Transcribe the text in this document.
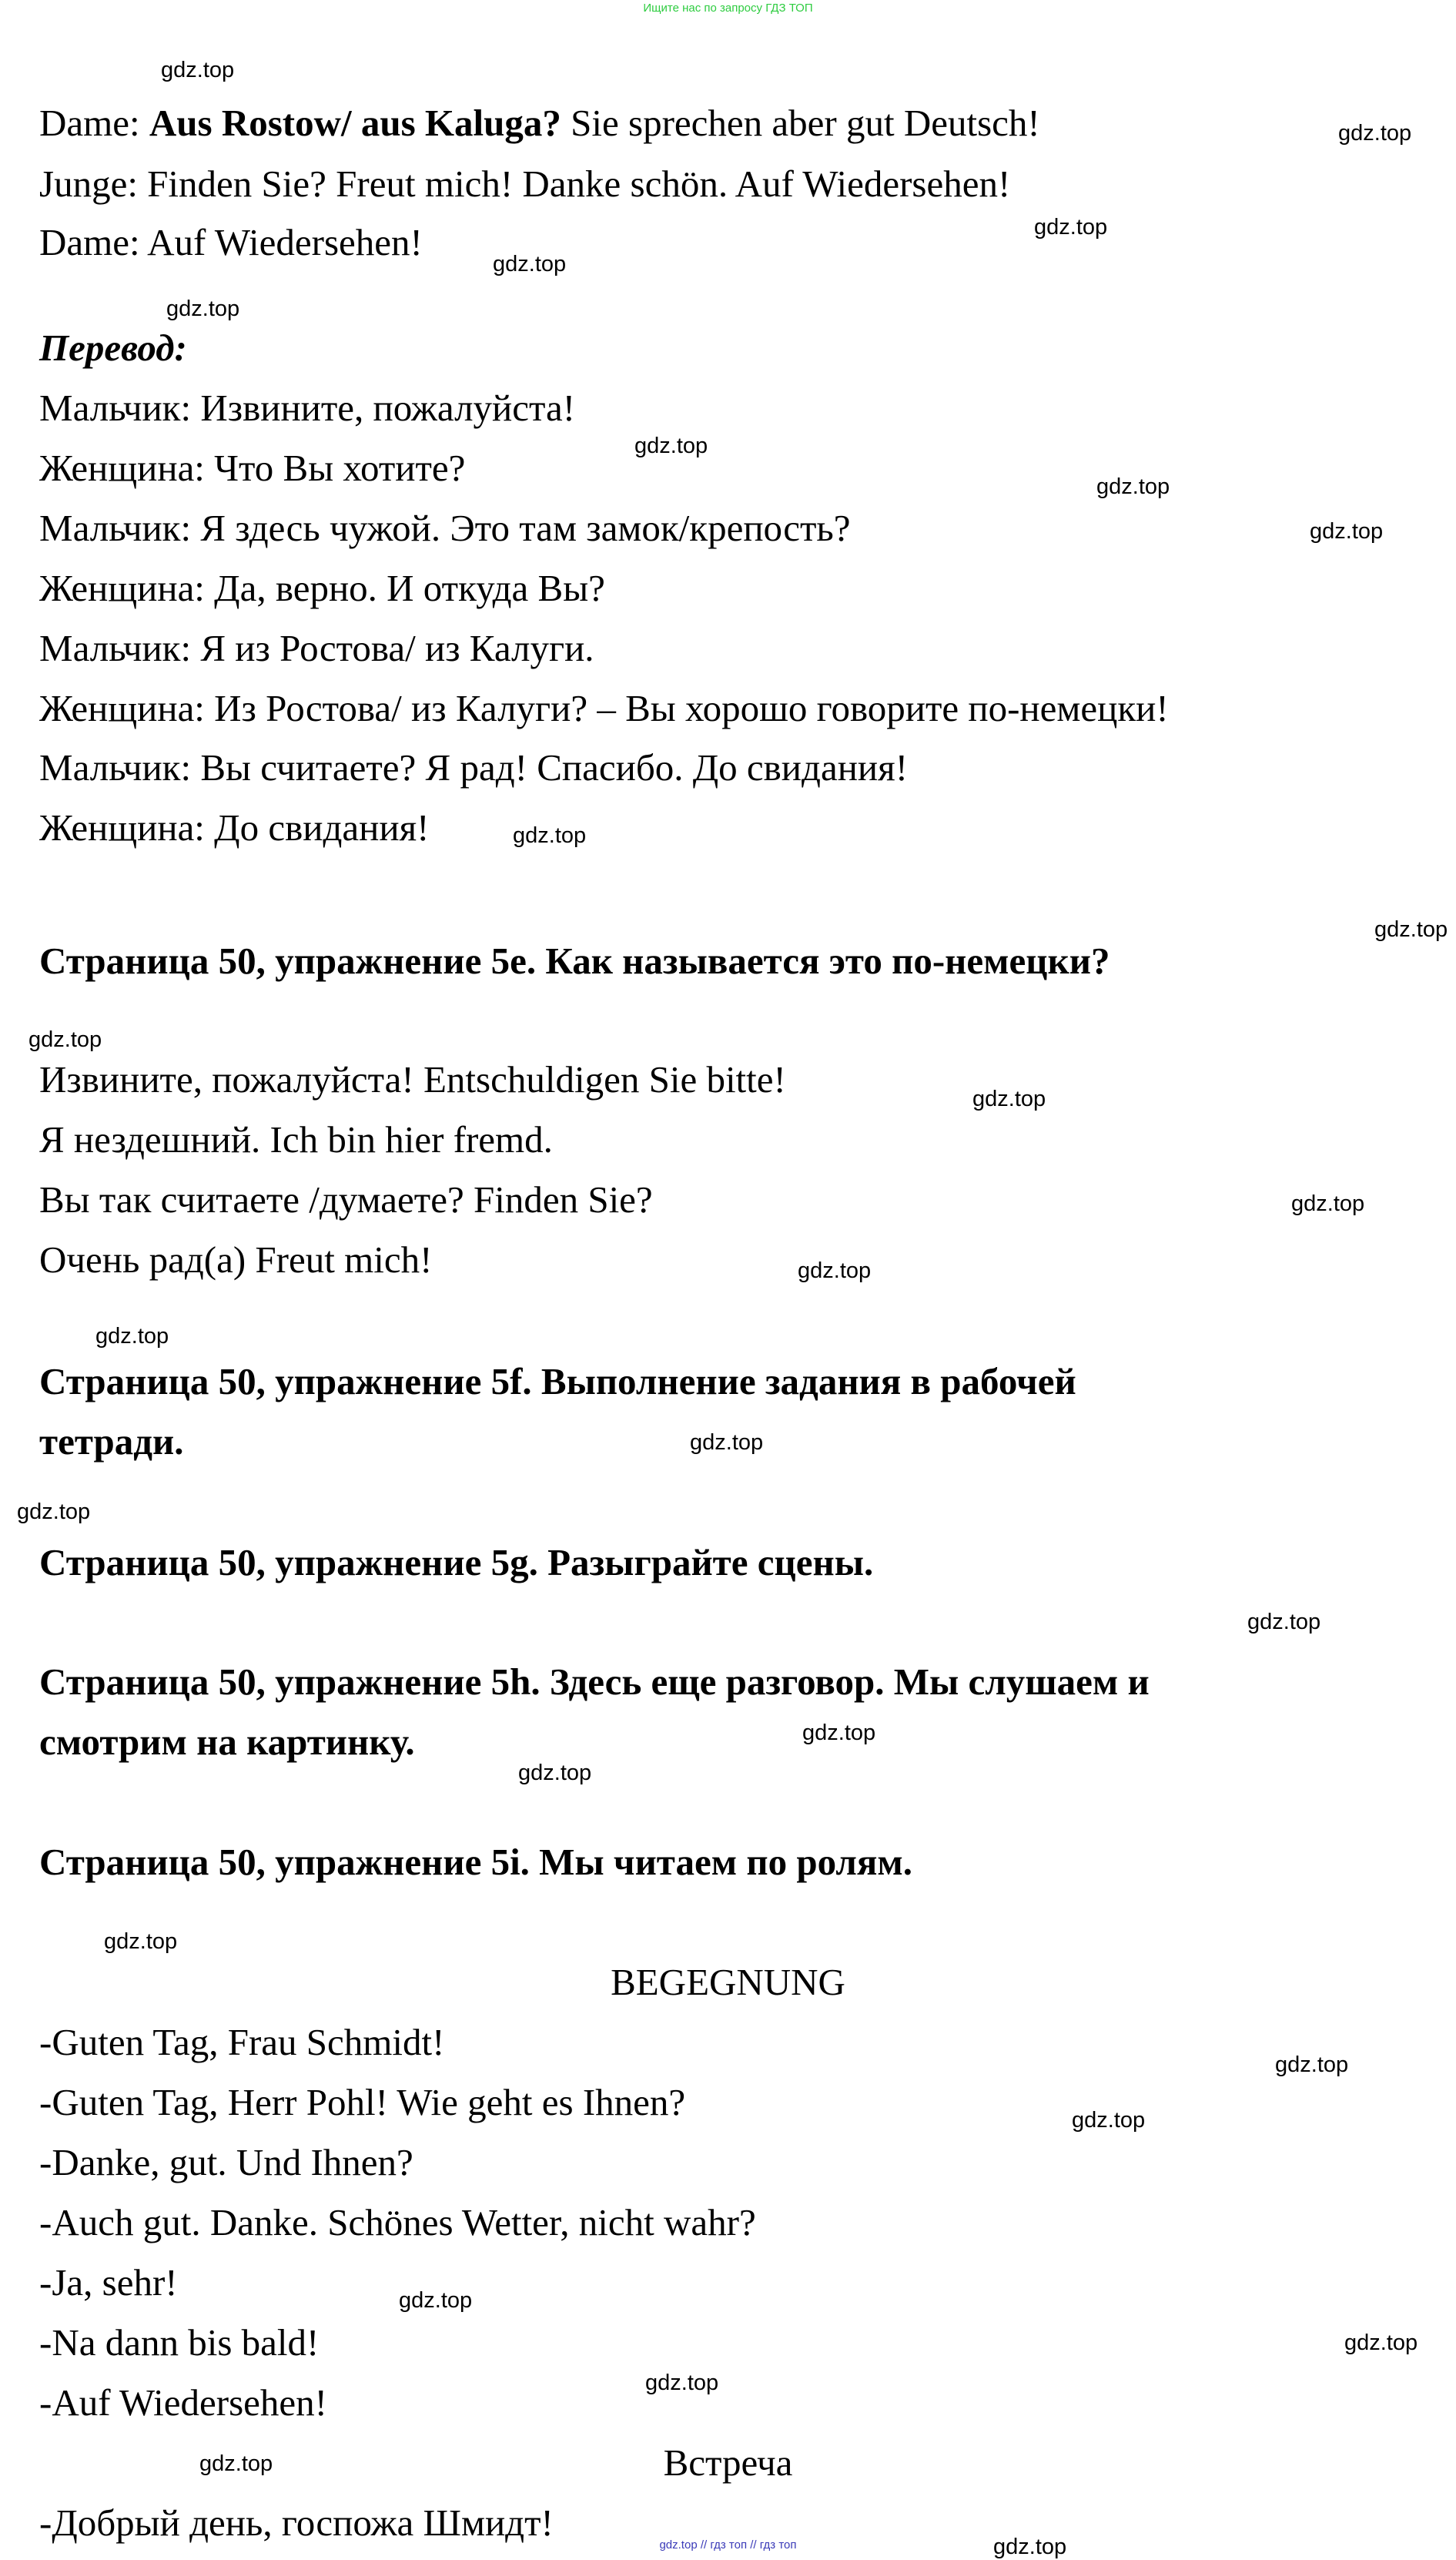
Ищите нас по запросу ГДЗ ТОП
Dame: Aus Rostow/ aus Kaluga? Sie sprechen aber gut Deutsch!
Junge: Finden Sie? Freut mich! Danke schön. Auf Wiedersehen!
Dame: Auf Wiedersehen!
Перевод:
Мальчик: Извините, пожалуйста!
Женщина: Что Вы хотите?
Мальчик: Я здесь чужой. Это там замок/крепость?
Женщина: Да, верно. И откуда Вы?
Мальчик: Я из Ростова/ из Калуги.
Женщина: Из Ростова/ из Калуги? – Вы хорошо говорите по-немецки!
Мальчик: Вы считаете? Я рад! Спасибо. До свидания!
Женщина: До свидания!
Страница 50, упражнение 5e. Как называется это по-немецки?
Извините, пожалуйста! Entschuldigen Sie bitte!
Я нездешний. Ich bin hier fremd.
Вы так считаете /думаете? Finden Sie?
Очень рад(а) Freut mich!
Страница 50, упражнение 5f. Выполнение задания в рабочей
тетради.
Страница 50, упражнение 5g. Разыграйте сцены.
Страница 50, упражнение 5h. Здесь еще разговор. Мы слушаем и
смотрим на картинку.
Страница 50, упражнение 5i. Мы читаем по ролям.
BEGEGNUNG
-Guten Tag, Frau Schmidt!
-Guten Tag, Herr Pohl! Wie geht es Ihnen?
-Danke, gut. Und Ihnen?
-Auch gut. Danke. Schönes Wetter, nicht wahr?
-Ja, sehr!
-Na dann bis bald!
-Auf Wiedersehen!
Встреча
-Добрый день, госпожа Шмидт!
gdz.top
gdz.top
gdz.top
gdz.top
gdz.top
gdz.top
gdz.top
gdz.top
gdz.top
gdz.top
gdz.top
gdz.top
gdz.top
gdz.top
gdz.top
gdz.top
gdz.top
gdz.top
gdz.top
gdz.top
gdz.top
gdz.top
gdz.top
gdz.top
gdz.top
gdz.top
gdz.top
gdz.top
gdz.top // гдз топ // гдз топ
